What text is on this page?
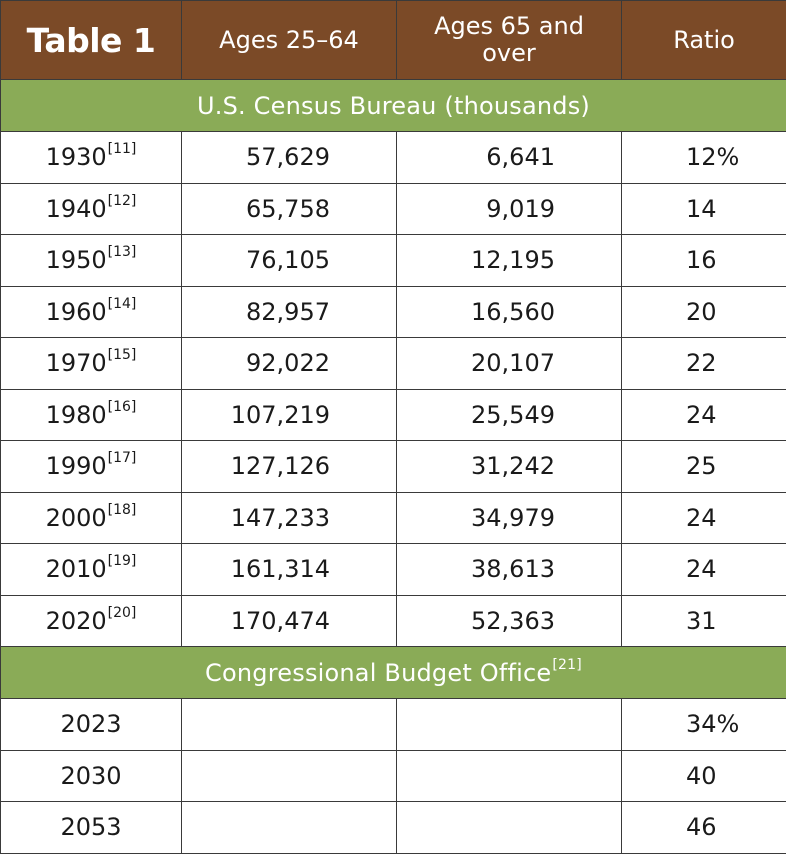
Table 1	Ages 25–64	Ages 65 and over	Ratio
U.S. Census Bureau (thousands)			
1930[11]	57,629	6,641	12%
1940[12]	65,758	9,019	14
1950[13]	76,105	12,195	16
1960[14]	82,957	16,560	20
1970[15]	92,022	20,107	22
1980[16]	107,219	25,549	24
1990[17]	127,126	31,242	25
2000[18]	147,233	34,979	24
2010[19]	161,314	38,613	24
2020[20]	170,474	52,363	31
Congressional Budget Office[21]
2023			34%
2030			40
2053			46
